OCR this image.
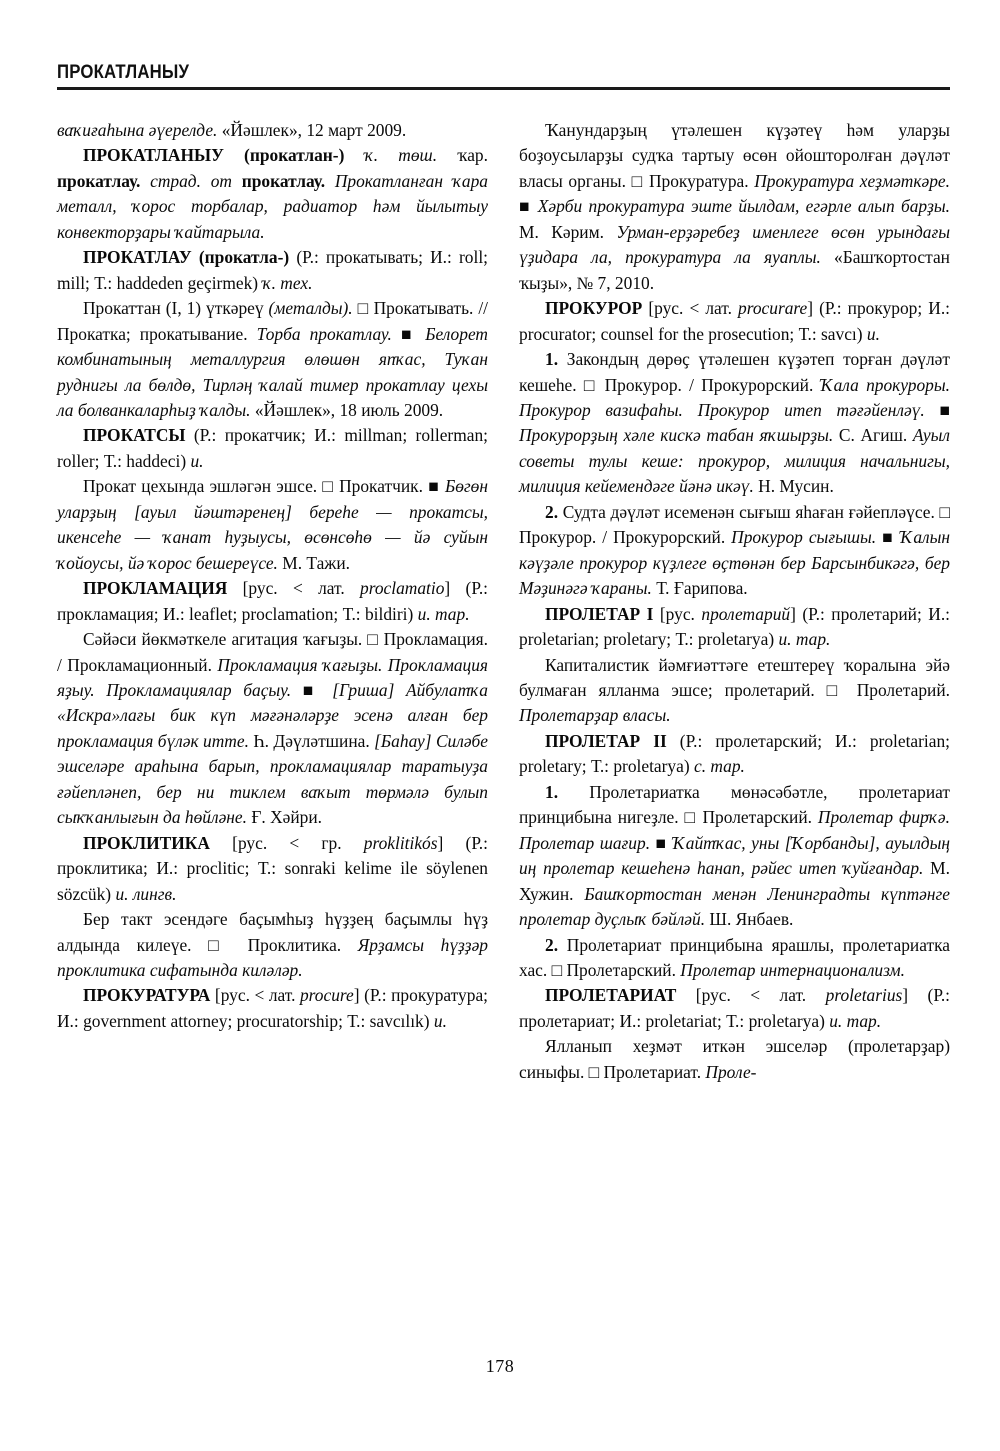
ПРОКАТЛАНЫУ

ваҡиғаһына әүерелде. «Йәшлек», 12 март 2009.

ПРОКАТЛАНЫУ (прокатлан-) ҡ. төш. ҡар. прокатлау. страд. от прокатлау. Прокатланған ҡара металл, ҡорос торбалар, радиатор һәм йылытыу конвекторҙары ҡайтарыла.

ПРОКАТЛАУ (прокатла-) (Р.: прокатывать; И.: roll; mill; Т.: haddeden geçirmek) ҡ. тех.

Прокаттан (I, 1) үткәреү (металды). □ Прокатывать. // Прокатка; прокатывание. Торба прокатлау. ■ Белорет комбинатының металлургия өлөшөн япҡас, Туҡан руднигы ла бөлдө, Тирләң ҡалай тимер прокатлау цехы ла болванкаларһыҙ ҡалды. «Йәшлек», 18 июль 2009.

ПРОКАТСЫ (Р.: прокатчик; И.: millman; rollerman; roller; Т.: haddeci) и.

Прокат цехында эшләгән эшсе. □ Прокатчик. ■ Бөгөн уларҙың [ауыл йәштәренең] береһе — прокатсы, икенсеһе — ҡанат һуҙыусы, өсөнсөһө — йә суйын ҡойоусы, йә ҡорос бешереүсе. М. Тажи.

ПРОКЛАМАЦИЯ [рус. < лат. proclamatio] (Р.: прокламация; И.: leaflet; proclamation; Т.: bildiri) и. тар.

Сәйәси йөкмәткеле агитация ҡағыҙы. □ Прокламация. / Прокламационный. Прокламация ҡағыҙы. Прокламация яҙыу. Прокламациялар баҫыу. ■ [Гриша] Айбулатҡа «Искра»лағы бик күп мәғәнәләрҙе эсенә алған бер прокламация бүләк итте. Һ. Дәүләтшина. [Баһау] Силәбе эшселәре араһына барып, прокламациялар таратыуҙа ғәйепләнеп, бер ни тиклем ваҡыт төрмәлә булып сыҡҡанлығын да һөйләне. Ғ. Хәйри.

ПРОКЛИТИКА [рус. < гр. proklitikós] (Р.: проклитика; И.: proclitic; Т.: sonraki kelime ile söylenen sözcük) и. лингв.

Бер такт эсендәге баҫымһыҙ һүҙҙең баҫымлы һүҙ алдында килеүе. □ Проклитика. Ярҙамсы һүҙҙәр проклитика сифатында киләләр.

ПРОКУРАТУРА [рус. < лат. procure] (Р.: прокуратура; И.: government attorney; procuratorship; Т.: savcılık) и.

Ҡанундарҙың үтәлешен күҙәтеү һәм уларҙы боҙоусыларҙы судҡа тартыу өсөн ойошторолған дәүләт власы органы. □ Прокуратура. Прокуратура хеҙмәткәре. ■ Хәрби прокуратура эште йылдам, егәрле алып барҙы. М. Кәрим. Урман-ерҙәребеҙ именлеге өсөн урындағы үҙидара ла, прокуратура ла яуаплы. «Башҡортостан ҡыҙы», № 7, 2010.

ПРОКУРОР [рус. < лат. procurare] (Р.: прокурор; И.: procurator; counsel for the prosecution; Т.: savcı) и.

1. Закондың дөрөҫ үтәлешен күҙәтеп торған дәүләт кешеһе. □ Прокурор. / Прокурорский. Ҡала прокуроры. Прокурор вазифаһы. Прокурор итеп тәғәйенләү. ■ Прокурорҙың хәле кискә табан яҡшырҙы. С. Агиш. Ауыл советы тулы кеше: прокурор, милиция начальнигы, милиция кейемендәге йәнә икәү. Н. Мусин.

2. Судта дәүләт исеменән сығыш яһаған ғәйепләүсе. □ Прокурор. / Прокурорский. Прокурор сығышы. ■ Ҡалын кәүҙәле прокурор күҙлеге өҫтөнән бер Барсынбикәгә, бер Мәҙинәгә ҡараны. Т. Ғарипова.

ПРОЛЕТАР I [рус. пролетарий] (Р.: пролетарий; И.: proletarian; proletary; Т.: proletarya) и. тар.

Капиталистик йәмғиәттәге етештереү ҡоралына эйә булмаған ялланма эшсе; пролетарий. □ Пролетарий. Пролетарҙар власы.

ПРОЛЕТАР II (Р.: пролетарский; И.: proletarian; proletary; Т.: proletarya) с. тар.

1. Пролетариатка мөнәсәбәтле, пролетариат принцибына нигеҙле. □ Пролетарский. Пролетар фирҡә. Пролетар шағир. ■ Ҡайтҡас, уны [Ҡорбанды], ауылдың иң пролетар кешеһенә һанап, рәйес итеп ҡуйғандар. М. Хужин. Башҡортостан менән Ленинградты күптәнге пролетар дуҫлыҡ бәйләй. Ш. Янбаев.

2. Пролетариат принцибына ярашлы, пролетариатка хас. □ Пролетарский. Пролетар интернационализм.

ПРОЛЕТАРИАТ [рус. < лат. proletarius] (Р.: пролетариат; И.: proletariat; Т.: proletarya) и. тар.

Ялланып хеҙмәт иткән эшселәр (пролетарҙар) синыфы. □ Пролетариат. Проле-

178
